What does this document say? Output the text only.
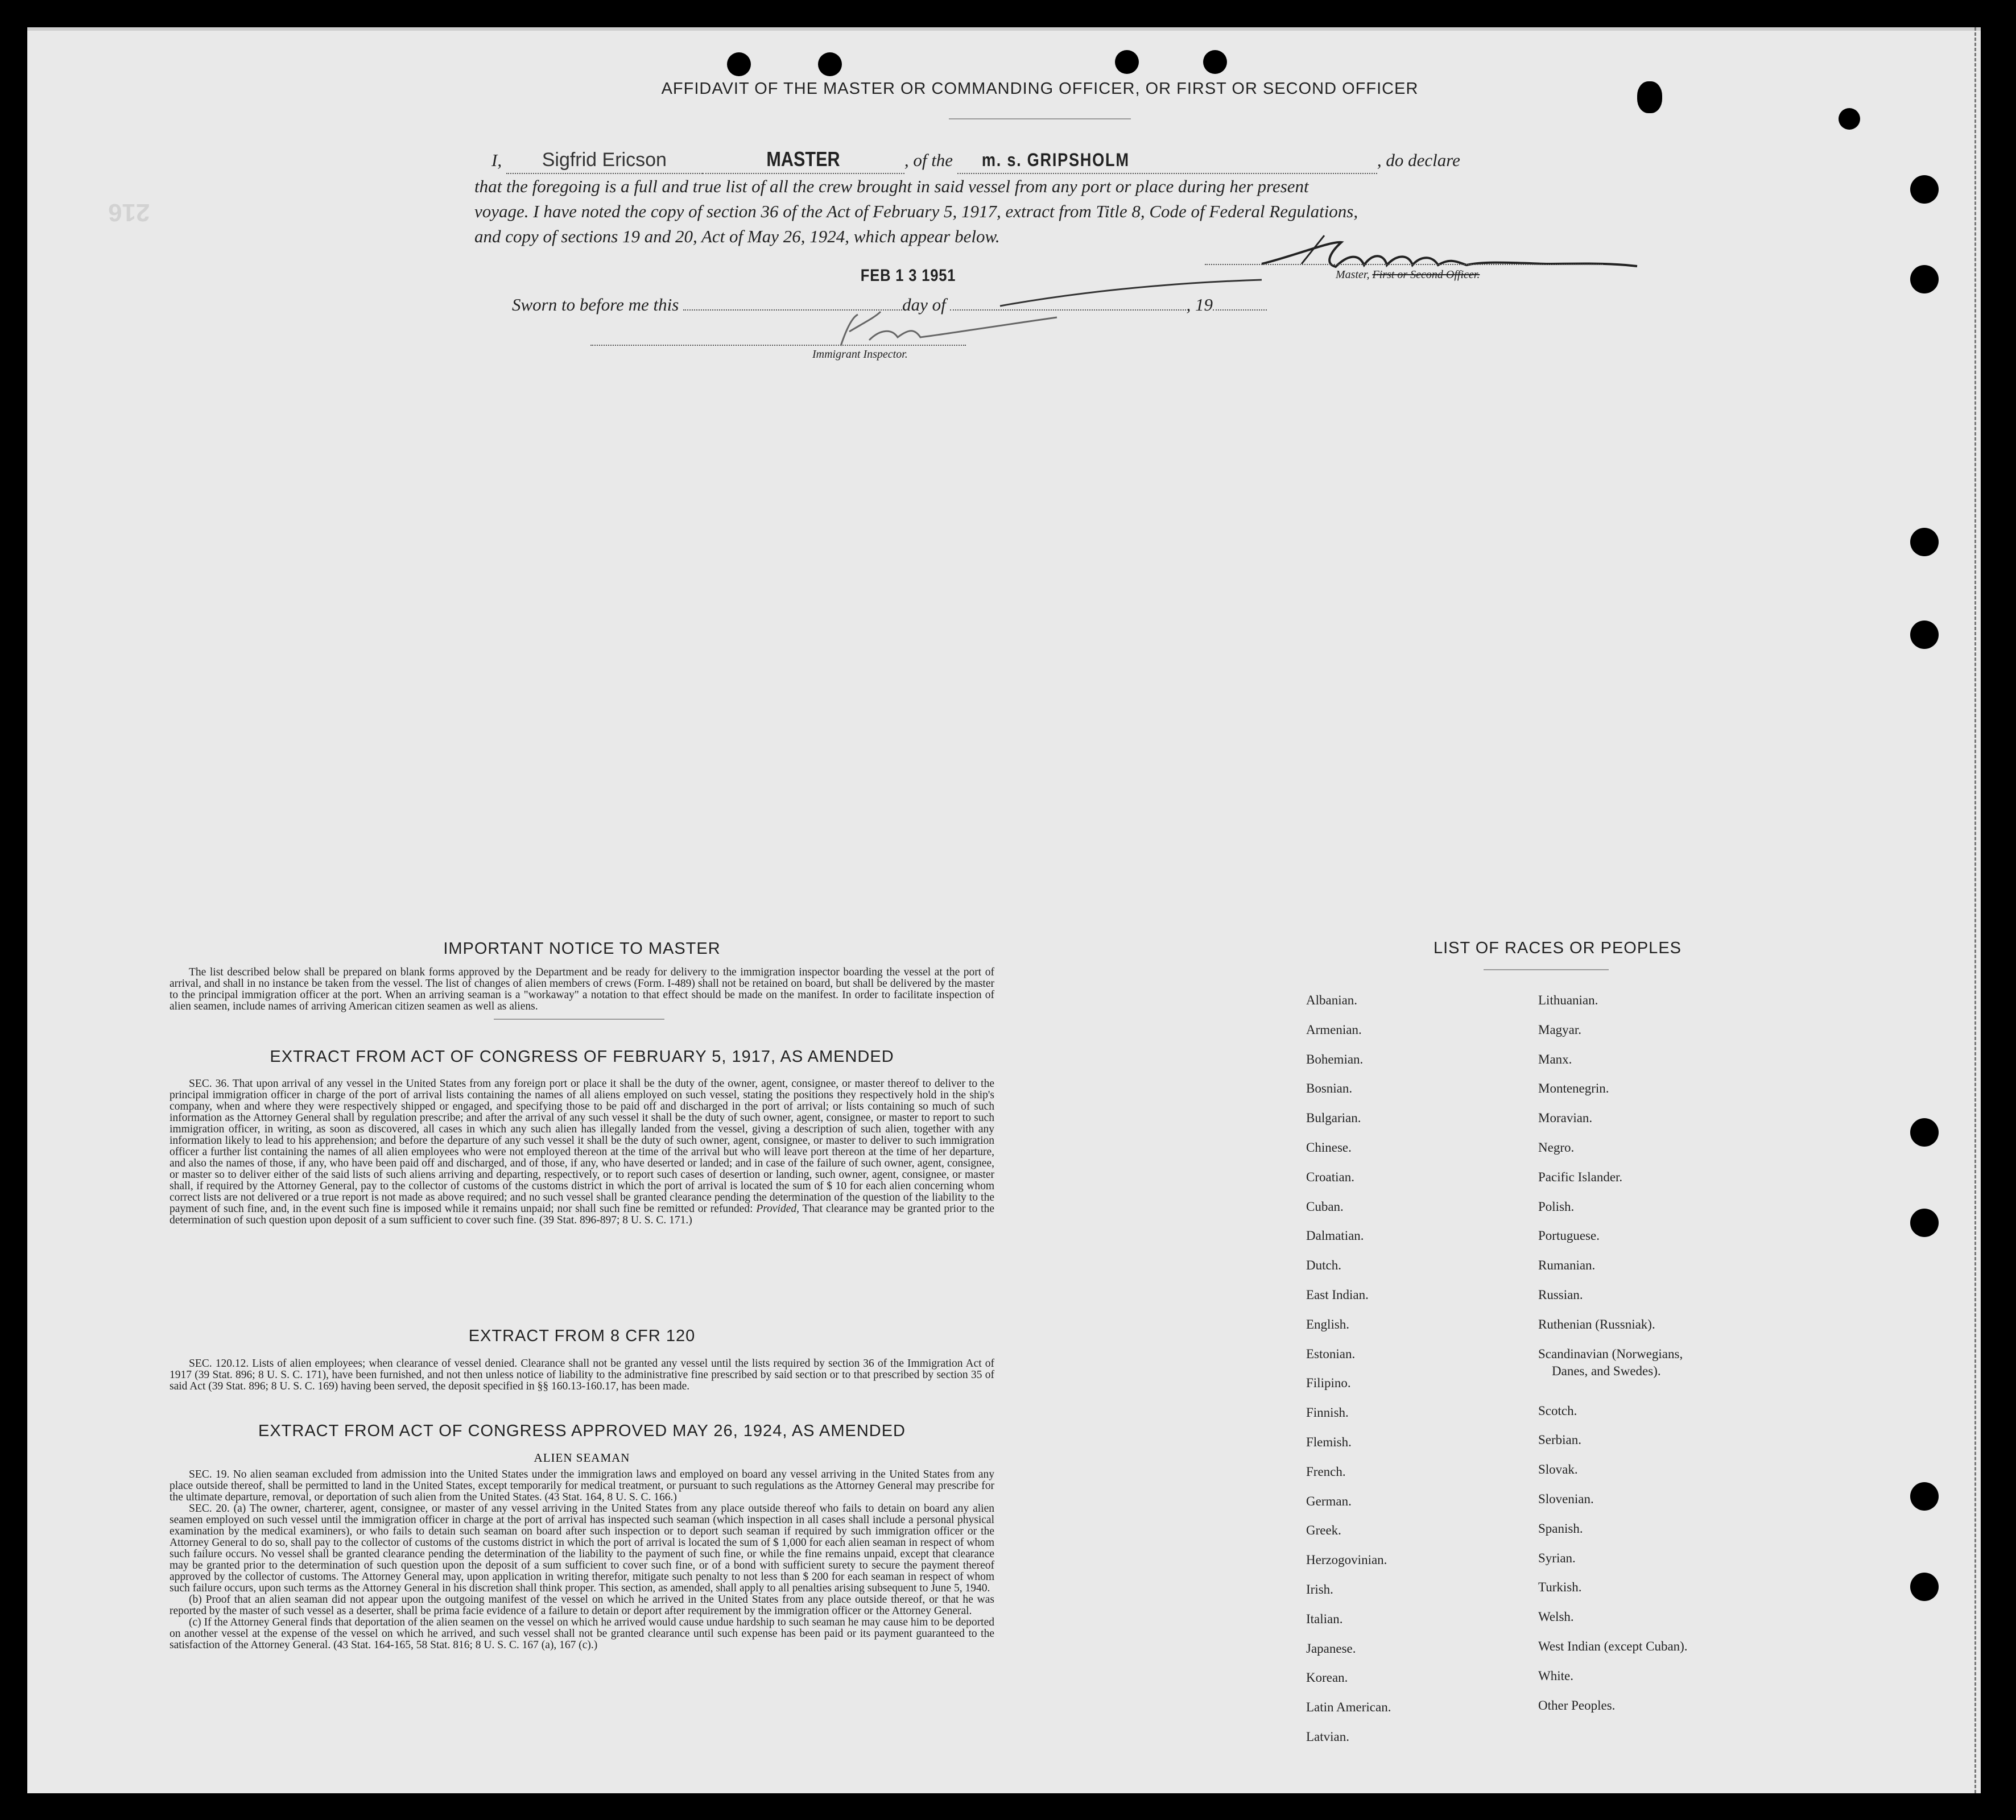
216
AFFIDAVIT OF THE MASTER OR COMMANDING OFFICER, OR FIRST OR SECOND OFFICER
I, Sigfrid Ericson	MASTER	, of the m. s. GRIPSHOLM	, do declare
that the foregoing is a full and true list of all the crew brought in said vessel from any port or place during her present
voyage. I have noted the copy of section 36 of the Act of February 5, 1917, extract from Title 8, Code of Federal Regulations,
and copy of sections 19 and 20, Act of May 26, 1924, which appear below.
Master, First or Second Officer.
FEB 1 3 1951
Sworn to before me this	day of	, 19
Immigrant Inspector.
IMPORTANT NOTICE TO MASTER
The list described below shall be prepared on blank forms approved by the Department and be ready for delivery to the immigration inspector boarding the vessel at the port of arrival, and shall in no instance be taken from the vessel. The list of changes of alien members of crews (Form. I-489) shall not be retained on board, but shall be delivered by the master to the principal immigration officer at the port. When an arriving seaman is a "workaway" a notation to that effect should be made on the manifest. In order to facilitate inspection of alien seamen, include names of arriving American citizen seamen as well as aliens.
EXTRACT FROM ACT OF CONGRESS OF FEBRUARY 5, 1917, AS AMENDED
SEC. 36. That upon arrival of any vessel in the United States from any foreign port or place it shall be the duty of the owner, agent, consignee, or master thereof to deliver to the principal immigration officer in charge of the port of arrival lists containing the names of all aliens employed on such vessel, stating the positions they respectively hold in the ship's company, when and where they were respectively shipped or engaged, and specifying those to be paid off and discharged in the port of arrival; or lists containing so much of such information as the Attorney General shall by regulation prescribe; and after the arrival of any such vessel it shall be the duty of such owner, agent, consignee, or master to report to such immigration officer, in writing, as soon as discovered, all cases in which any such alien has illegally landed from the vessel, giving a description of such alien, together with any information likely to lead to his apprehension; and before the departure of any such vessel it shall be the duty of such owner, agent, consignee, or master to deliver to such immigration officer a further list containing the names of all alien employees who were not employed thereon at the time of the arrival but who will leave port thereon at the time of her departure, and also the names of those, if any, who have been paid off and discharged, and of those, if any, who have deserted or landed; and in case of the failure of such owner, agent, consignee, or master so to deliver either of the said lists of such aliens arriving and departing, respectively, or to report such cases of desertion or landing, such owner, agent, consignee, or master shall, if required by the Attorney General, pay to the collector of customs of the customs district in which the port of arrival is located the sum of $ 10 for each alien concerning whom correct lists are not delivered or a true report is not made as above required; and no such vessel shall be granted clearance pending the determination of the question of the liability to the payment of such fine, and, in the event such fine is imposed while it remains unpaid; nor shall such fine be remitted or refunded: Provided, That clearance may be granted prior to the determination of such question upon deposit of a sum sufficient to cover such fine. (39 Stat. 896-897; 8 U. S. C. 171.)
EXTRACT FROM 8 CFR 120
SEC. 120.12. Lists of alien employees; when clearance of vessel denied. Clearance shall not be granted any vessel until the lists required by section 36 of the Immigration Act of 1917 (39 Stat. 896; 8 U. S. C. 171), have been furnished, and not then unless notice of liability to the administrative fine prescribed by said section or to that prescribed by section 35 of said Act (39 Stat. 896; 8 U. S. C. 169) having been served, the deposit specified in §§ 160.13-160.17, has been made.
EXTRACT FROM ACT OF CONGRESS APPROVED MAY 26, 1924, AS AMENDED
ALIEN SEAMAN
SEC. 19. No alien seaman excluded from admission into the United States under the immigration laws and employed on board any vessel arriving in the United States from any place outside thereof, shall be permitted to land in the United States, except temporarily for medical treatment, or pursuant to such regulations as the Attorney General may prescribe for the ultimate departure, removal, or deportation of such alien from the United States. (43 Stat. 164, 8 U. S. C. 166.)
SEC. 20. (a) The owner, charterer, agent, consignee, or master of any vessel arriving in the United States from any place outside thereof who fails to detain on board any alien seamen employed on such vessel until the immigration officer in charge at the port of arrival has inspected such seaman (which inspection in all cases shall include a personal physical examination by the medical examiners), or who fails to detain such seaman on board after such inspection or to deport such seaman if required by such immigration officer or the Attorney General to do so, shall pay to the collector of customs of the customs district in which the port of arrival is located the sum of $ 1,000 for each alien seaman in respect of whom such failure occurs. No vessel shall be granted clearance pending the determination of the liability to the payment of such fine, or while the fine remains unpaid, except that clearance may be granted prior to the determination of such question upon the deposit of a sum sufficient to cover such fine, or of a bond with sufficient surety to secure the payment thereof approved by the collector of customs. The Attorney General may, upon application in writing therefor, mitigate such penalty to not less than $ 200 for each seaman in respect of whom such failure occurs, upon such terms as the Attorney General in his discretion shall think proper. This section, as amended, shall apply to all penalties arising subsequent to June 5, 1940.
(b) Proof that an alien seaman did not appear upon the outgoing manifest of the vessel on which he arrived in the United States from any place outside thereof, or that he was reported by the master of such vessel as a deserter, shall be prima facie evidence of a failure to detain or deport after requirement by the immigration officer or the Attorney General.
(c) If the Attorney General finds that deportation of the alien seamen on the vessel on which he arrived would cause undue hardship to such seaman he may cause him to be deported on another vessel at the expense of the vessel on which he arrived, and such vessel shall not be granted clearance until such expense has been paid or its payment guaranteed to the satisfaction of the Attorney General. (43 Stat. 164-165, 58 Stat. 816; 8 U. S. C. 167 (a), 167 (c).)
LIST OF RACES OR PEOPLES
Albanian.
Armenian.
Bohemian.
Bosnian.
Bulgarian.
Chinese.
Croatian.
Cuban.
Dalmatian.
Dutch.
East Indian.
English.
Estonian.
Filipino.
Finnish.
Flemish.
French.
German.
Greek.
Herzogovinian.
Irish.
Italian.
Japanese.
Korean.
Latin American.
Latvian.
Lithuanian.
Magyar.
Manx.
Montenegrin.
Moravian.
Negro.
Pacific Islander.
Polish.
Portuguese.
Rumanian.
Russian.
Ruthenian (Russniak).
Scandinavian (Norwegians,
Danes, and Swedes).
Scotch.
Serbian.
Slovak.
Slovenian.
Spanish.
Syrian.
Turkish.
Welsh.
West Indian (except Cuban).
White.
Other Peoples.
